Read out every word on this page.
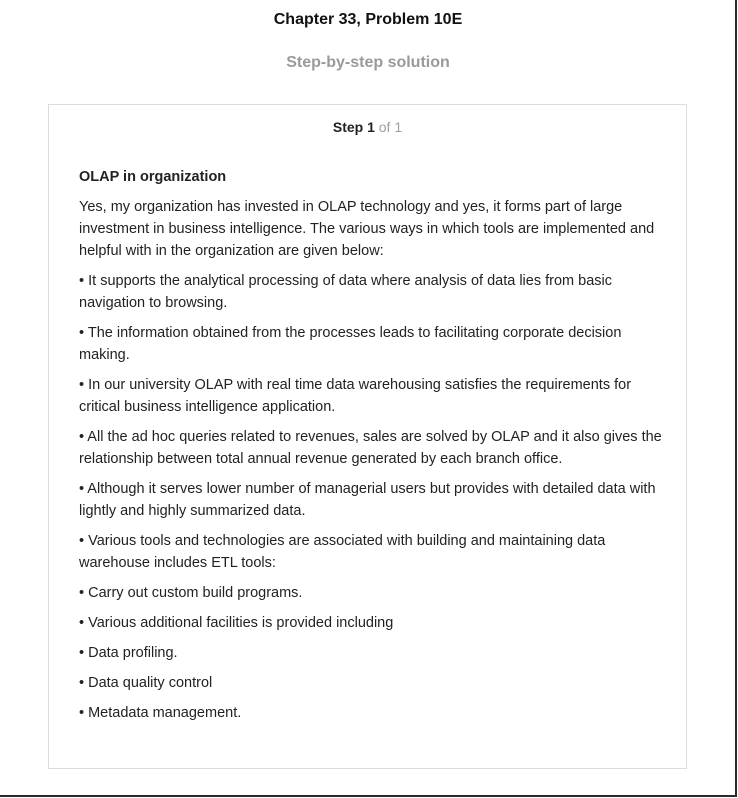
Chapter 33, Problem 10E
Step-by-step solution
Step 1 of 1

OLAP in organization

Yes, my organization has invested in OLAP technology and yes, it forms part of large investment in business intelligence. The various ways in which tools are implemented and helpful with in the organization are given below:

• It supports the analytical processing of data where analysis of data lies from basic navigation to browsing.

• The information obtained from the processes leads to facilitating corporate decision making.

• In our university OLAP with real time data warehousing satisfies the requirements for critical business intelligence application.

• All the ad hoc queries related to revenues, sales are solved by OLAP and it also gives the relationship between total annual revenue generated by each branch office.

• Although it serves lower number of managerial users but provides with detailed data with lightly and highly summarized data.

• Various tools and technologies are associated with building and maintaining data warehouse includes ETL tools:

• Carry out custom build programs.

• Various additional facilities is provided including

• Data profiling.

• Data quality control

• Metadata management.
